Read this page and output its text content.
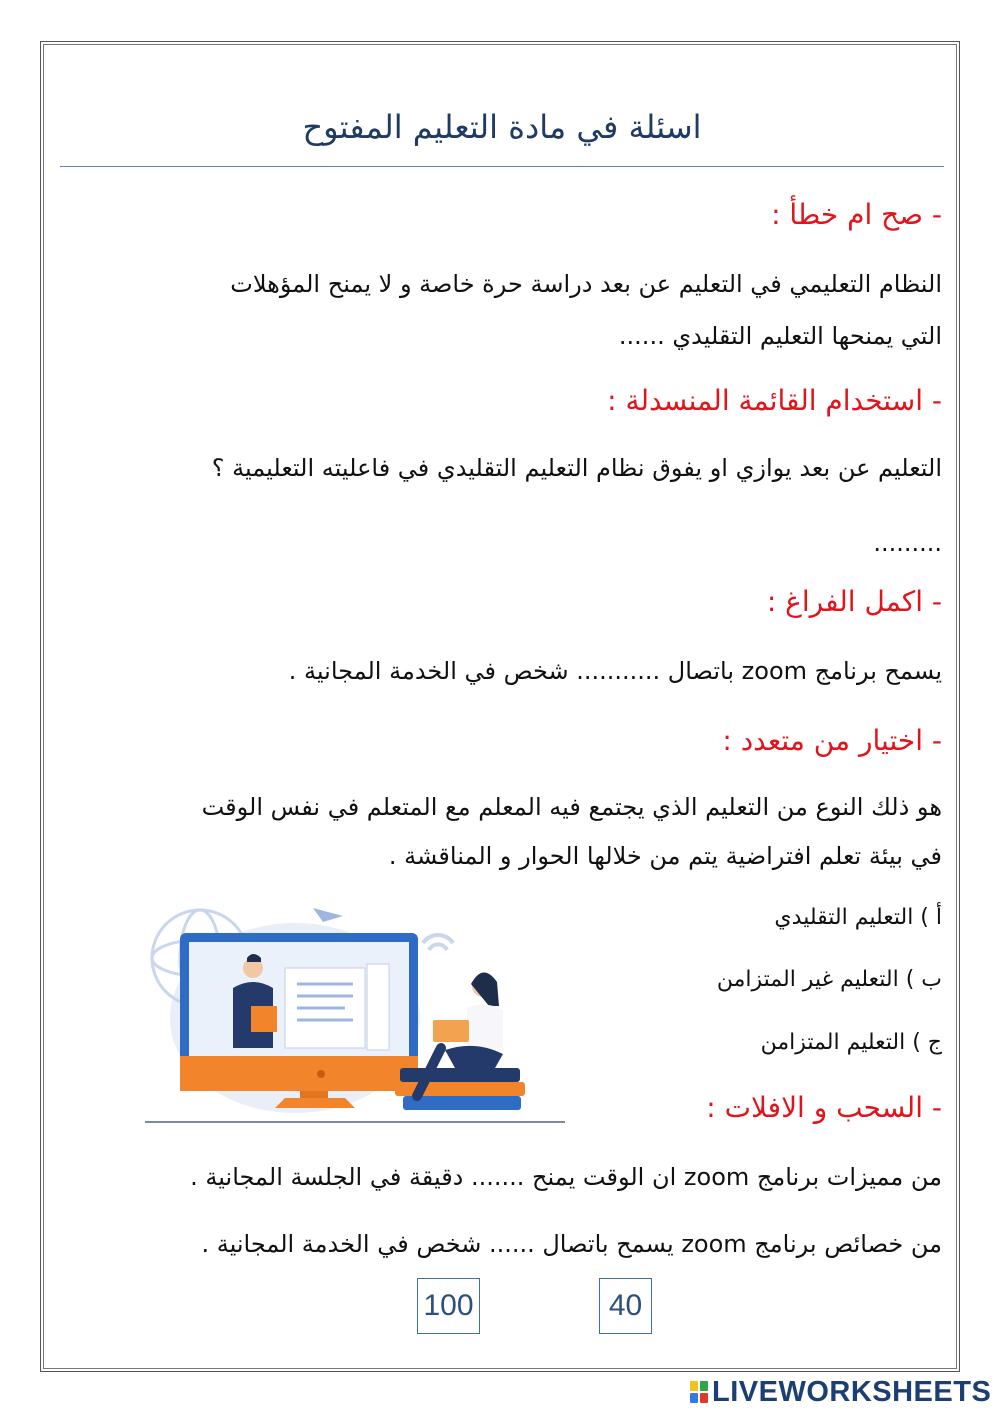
اسئلة في مادة التعليم المفتوح
- صح ام خطأ :
النظام التعليمي في التعليم عن بعد دراسة حرة خاصة و لا يمنح المؤهلات
التي يمنحها التعليم التقليدي ......
- استخدام القائمة المنسدلة :
التعليم عن بعد يوازي او يفوق نظام التعليم التقليدي في فاعليته التعليمية ؟
.........
- اكمل الفراغ :
يسمح برنامج zoom باتصال ........... شخص في الخدمة المجانية .
- اختيار من متعدد :
هو ذلك النوع من التعليم الذي يجتمع فيه المعلم مع المتعلم في نفس الوقت
في بيئة تعلم افتراضية يتم من خلالها الحوار و المناقشة .
أ ) التعليم التقليدي
ب ) التعليم غير المتزامن
ج ) التعليم المتزامن
- السحب و الافلات :
من مميزات برنامج zoom ان الوقت يمنح ....... دقيقة في الجلسة المجانية .
من خصائص برنامج zoom يسمح باتصال ...... شخص في الخدمة المجانية .
100	40
LIVEWORKSHEETS
